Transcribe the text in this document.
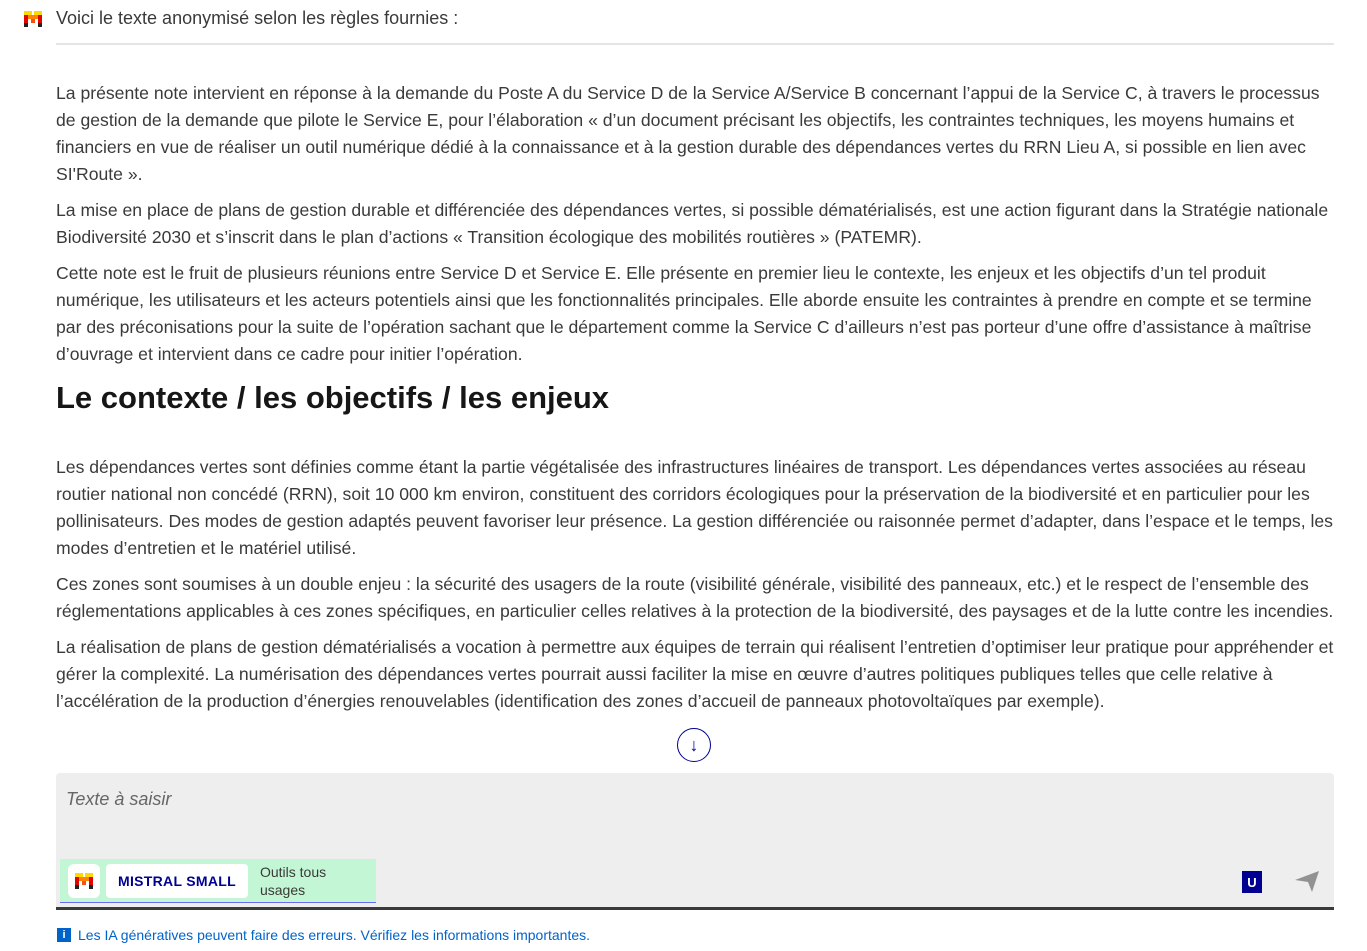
Voici le texte anonymisé selon les règles fournies :

La présente note intervient en réponse à la demande du Poste A du Service D de la Service A/Service B concernant l’appui de la Service C, à travers le processus de gestion de la demande que pilote le Service E, pour l’élaboration « d’un document précisant les objectifs, les contraintes techniques, les moyens humains et financiers en vue de réaliser un outil numérique dédié à la connaissance et à la gestion durable des dépendances vertes du RRN Lieu A, si possible en lien avec SI'Route ».

La mise en place de plans de gestion durable et différenciée des dépendances vertes, si possible dématérialisés, est une action figurant dans la Stratégie nationale Biodiversité 2030 et s’inscrit dans le plan d’actions « Transition écologique des mobilités routières » (PATEMR).

Cette note est le fruit de plusieurs réunions entre Service D et Service E. Elle présente en premier lieu le contexte, les enjeux et les objectifs d’un tel produit numérique, les utilisateurs et les acteurs potentiels ainsi que les fonctionnalités principales. Elle aborde ensuite les contraintes à prendre en compte et se termine par des préconisations pour la suite de l’opération sachant que le département comme la Service C d’ailleurs n’est pas porteur d’une offre d’assistance à maîtrise d’ouvrage et intervient dans ce cadre pour initier l’opération.

Le contexte / les objectifs / les enjeux

Les dépendances vertes sont définies comme étant la partie végétalisée des infrastructures linéaires de transport. Les dépendances vertes associées au réseau routier national non concédé (RRN), soit 10 000 km environ, constituent des corridors écologiques pour la préservation de la biodiversité et en particulier pour les pollinisateurs. Des modes de gestion adaptés peuvent favoriser leur présence. La gestion différenciée ou raisonnée permet d’adapter, dans l’espace et le temps, les modes d’entretien et le matériel utilisé.

Ces zones sont soumises à un double enjeu : la sécurité des usagers de la route (visibilité générale, visibilité des panneaux, etc.) et le respect de l’ensemble des réglementations applicables à ces zones spécifiques, en particulier celles relatives à la protection de la biodiversité, des paysages et de la lutte contre les incendies.

La réalisation de plans de gestion dématérialisés a vocation à permettre aux équipes de terrain qui réalisent l’entretien d’optimiser leur pratique pour appréhender et gérer la complexité. La numérisation des dépendances vertes pourrait aussi faciliter la mise en œuvre d’autres politiques publiques telles que celle relative à l’accélération de la production d’énergies renouvelables (identification des zones d’accueil de panneaux photovoltaïques par exemple).

↓
Texte à saisir
MISTRAL SMALL
Outils tous usages	U
i Les IA génératives peuvent faire des erreurs. Vérifiez les informations importantes.
